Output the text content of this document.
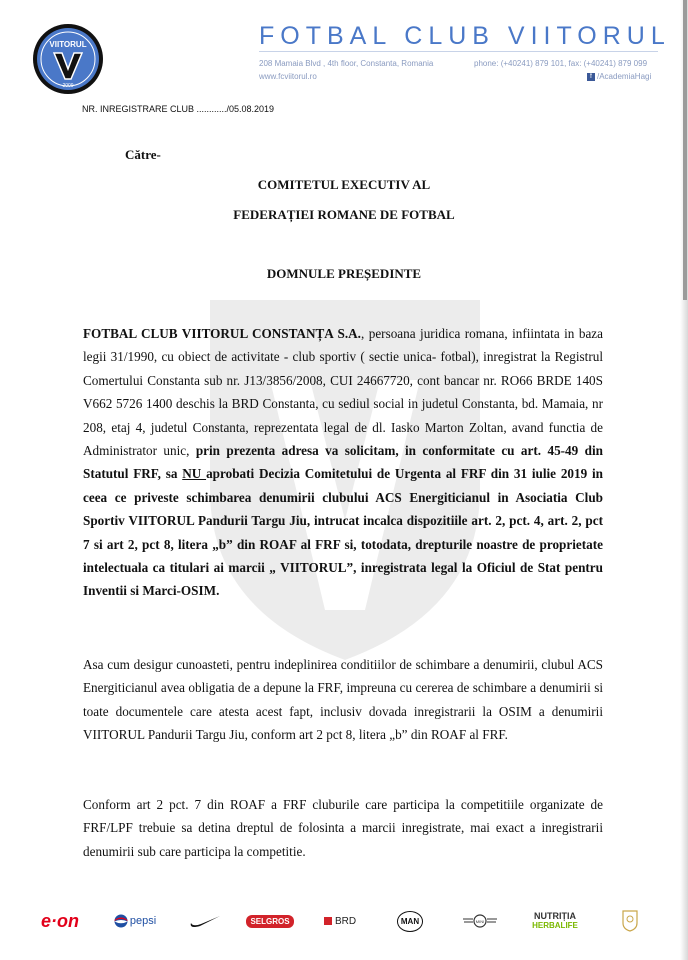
VIITORUL
2009
FOTBAL CLUB VIITORUL
208 Mamaia Blvd , 4th floor, Constanta, Romania	phone: (+40241) 879 101, fax: (+40241) 879 099
www.fcviitorul.ro	f /AcademiaHagi
NR. INREGISTRARE CLUB ............/05.08.2019
Către-
COMITETUL EXECUTIV AL
FEDERAȚIEI ROMANE DE FOTBAL
DOMNULE PREȘEDINTE

FOTBAL CLUB VIITORUL CONSTANȚA S.A., persoana juridica romana, infiintata in baza legii 31/1990, cu obiect de activitate - club sportiv ( sectie unica- fotbal), inregistrat la Registrul Comertului Constanta sub nr. J13/3856/2008, CUI 24667720, cont bancar nr. RO66 BRDE 140S V662 5726 1400 deschis la BRD Constanta, cu sediul social in judetul Constanta, bd. Mamaia, nr 208, etaj 4, judetul Constanta, reprezentata legal de dl. Iasko Marton Zoltan, avand functia de Administrator unic, prin prezenta adresa va solicitam, in conformitate cu art. 45-49 din Statutul FRF, sa NU aprobati Decizia Comitetului de Urgenta al FRF din 31 iulie 2019 in ceea ce priveste schimbarea denumirii clubului ACS Energiticianul in Asociatia Club Sportiv VIITORUL Pandurii Targu Jiu, intrucat incalca dispozitiile art. 2, pct. 4, art. 2, pct 7 si art 2, pct 8, litera „b” din ROAF al FRF si, totodata, drepturile noastre de proprietate intelectuala ca titulari ai marcii „ VIITORUL”, inregistrata legal la Oficiul de Stat pentru Inventii si Marci-OSIM.

Asa cum desigur cunoasteti, pentru indeplinirea conditiilor de schimbare a denumirii, clubul ACS Energiticianul avea obligatia de a depune la FRF, impreuna cu cererea de schimbare a denumirii si toate documentele care atesta acest fapt, inclusiv dovada inregistrarii la OSIM a denumirii VIITORUL Pandurii Targu Jiu, conform art 2 pct 8, litera „b” din ROAF al FRF.

Conform art 2 pct. 7 din ROAF a FRF cluburile care participa la competitiile organizate de FRF/LPF trebuie sa detina dreptul de folosinta a marcii inregistrate, mai exact a inregistrarii denumirii sub care participa la competitie.

e·on	pepsi	SELGROS	BRD	MAN	MINI
NUTRIȚIA
HERBALIFE
